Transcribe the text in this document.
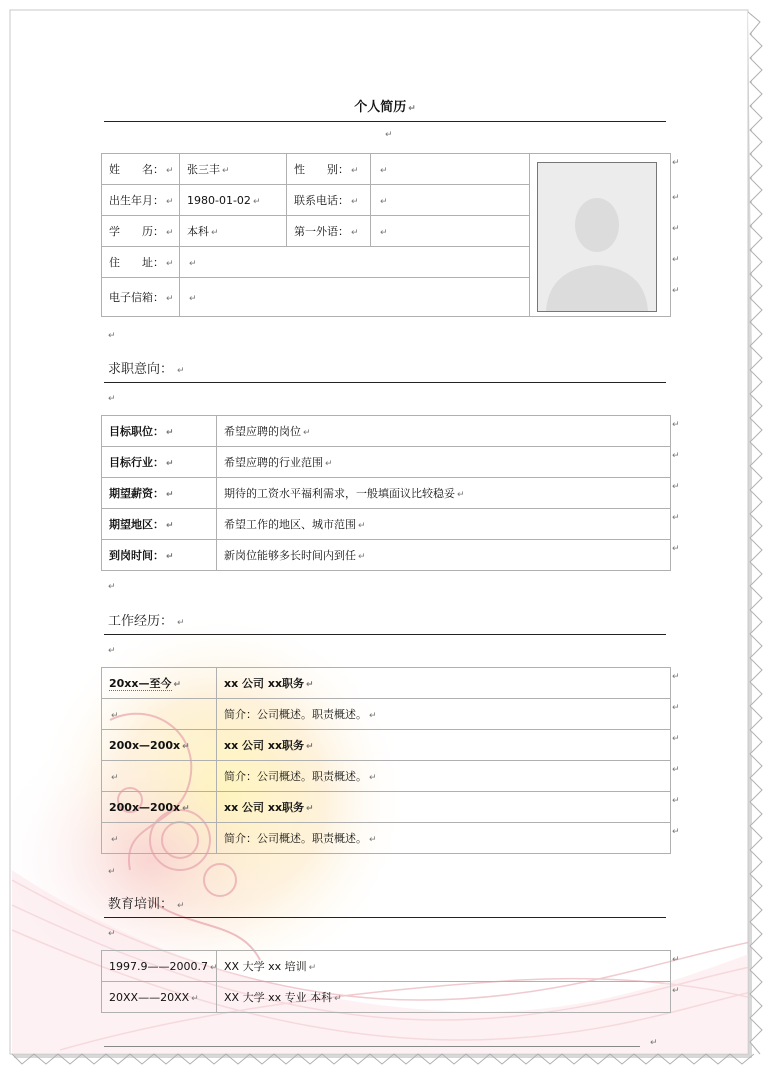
个人简历 ↵
↵
姓　　名： ↵	张三丰 ↵	性　　别： ↵	↵	
出生年月： ↵	1980-01-02 ↵	联系电话： ↵	↵	
学　　历： ↵	本科 ↵	第一外语： ↵	↵	
住　　址： ↵	↵			
电子信箱： ↵	↵			
↵
↵
↵
↵
↵
↵
求职意向： ↵
↵
目标职位： ↵	希望应聘的岗位 ↵
目标行业： ↵	希望应聘的行业范围 ↵
期望薪资： ↵	期待的工资水平福利需求，一般填面议比较稳妥 ↵
期望地区： ↵	希望工作的地区、城市范围 ↵
到岗时间： ↵	新岗位能够多长时间内到任 ↵
↵
工作经历： ↵
↵
20xx—至今 ↵	xx 公司 xx职务 ↵
↵	简介：公司概述。职责概述。 ↵
200x—200x ↵	xx 公司 xx职务 ↵
↵	简介：公司概述。职责概述。 ↵
200x—200x ↵	xx 公司 xx职务 ↵
↵	简介：公司概述。职责概述。 ↵
↵
教育培训： ↵
↵
1997.9——2000.7 ↵	XX 大学 xx 培训 ↵
20XX——20XX ↵	XX 大学 xx 专业 本科 ↵
↵
↵
↵
↵
↵
↵
↵
↵
↵
↵
↵
↵
↵
↵
